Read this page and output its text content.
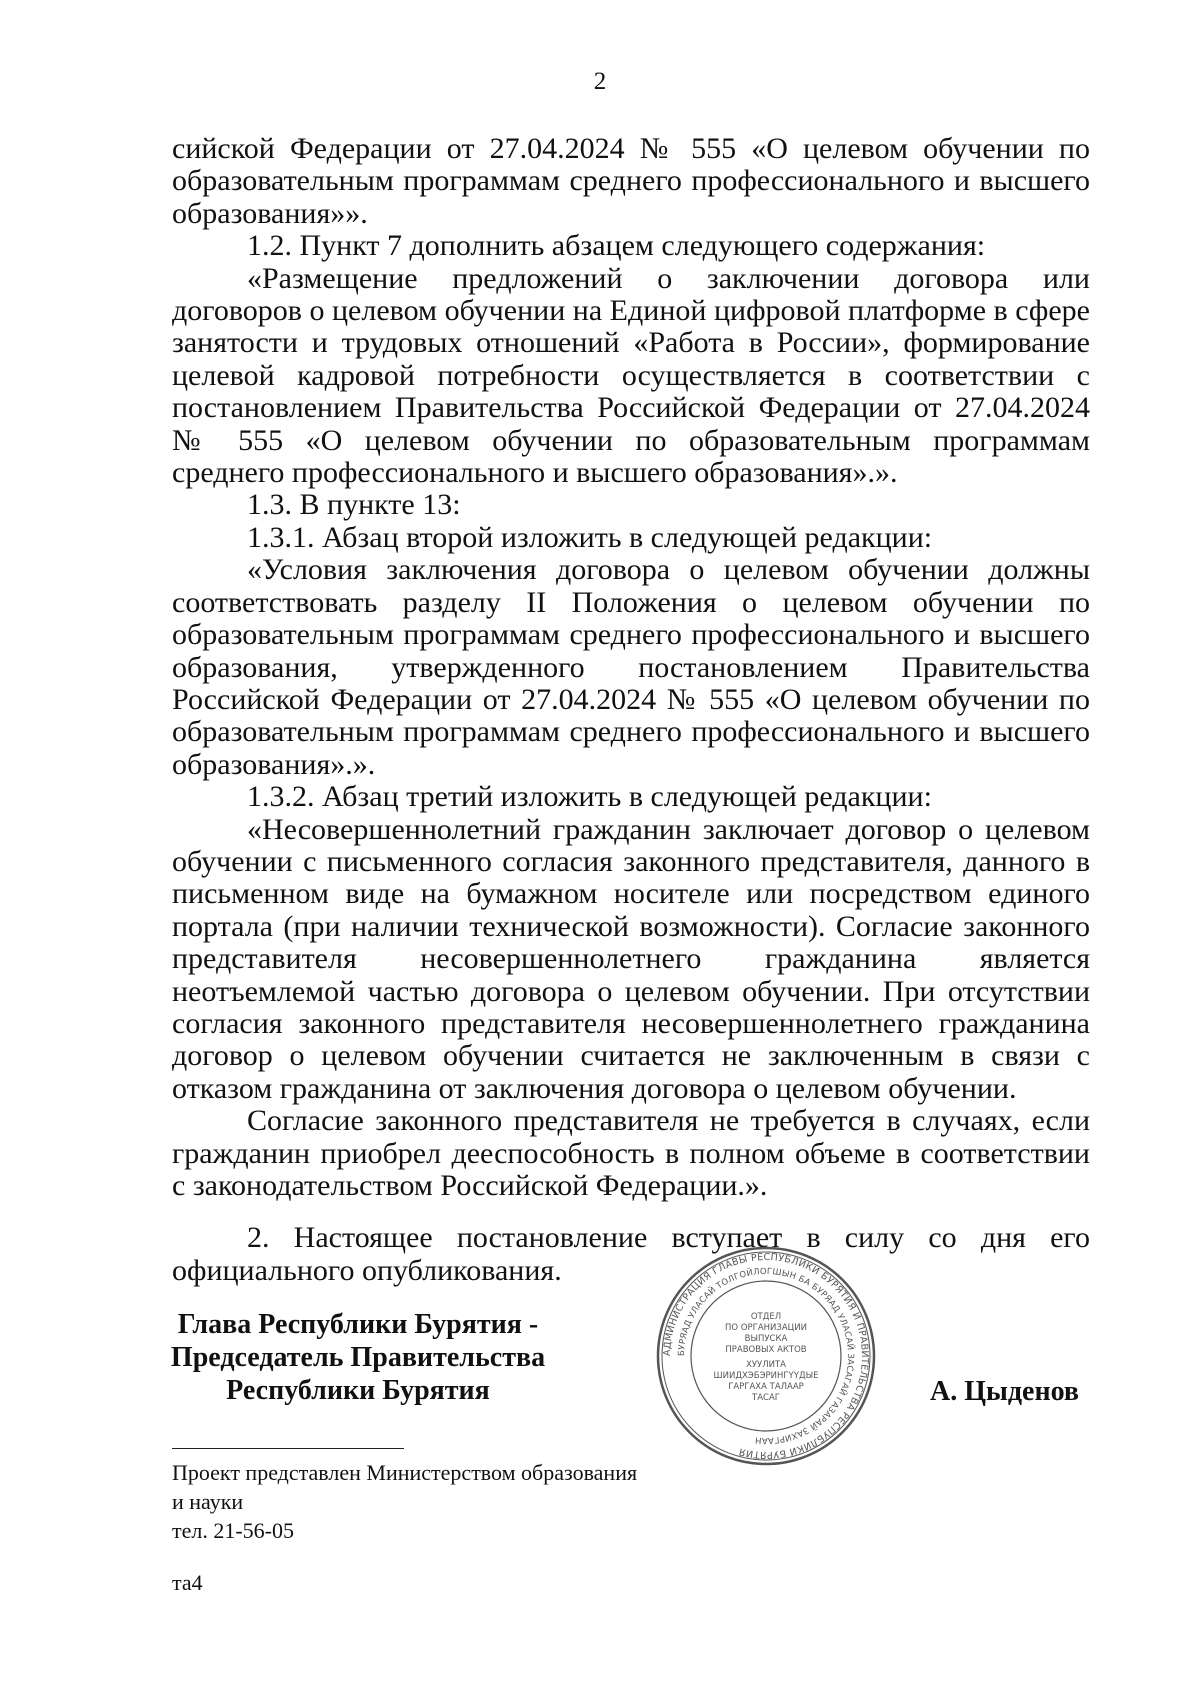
2

сийской Федерации от 27.04.2024 № 555 «О целевом обучении по образовательным программам среднего профессионального и высшего образования»».

1.2. Пункт 7 дополнить абзацем следующего содержания:

«Размещение предложений о заключении договора или договоров о целевом обучении на Единой цифровой платформе в сфере занятости и трудовых отношений «Работа в России», формирование целевой кадровой потребности осуществляется в соответствии с постановлением Правительства Российской Федерации от 27.04.2024 № 555 «О целевом обучении по образовательным программам среднего профессионального и высшего образования».».

1.3. В пункте 13:

1.3.1. Абзац второй изложить в следующей редакции:

«Условия заключения договора о целевом обучении должны соответствовать разделу II Положения о целевом обучении по образовательным программам среднего профессионального и высшего образования, утвержденного постановлением Правительства Российской Федерации от 27.04.2024 № 555 «О целевом обучении по образовательным программам среднего профессионального и высшего образования».».

1.3.2. Абзац третий изложить в следующей редакции:

«Несовершеннолетний гражданин заключает договор о целевом обучении с письменного согласия законного представителя, данного в письменном виде на бумажном носителе или посредством единого портала (при наличии технической возможности). Согласие законного представителя несовершеннолетнего гражданина является неотъемлемой частью договора о целевом обучении. При отсутствии согласия законного представителя несовершеннолетнего гражданина договор о целевом обучении считается не заключенным в связи с отказом гражданина от заключения договора о целевом обучении.

Согласие законного представителя не требуется в случаях, если гражданин приобрел дееспособность в полном объеме в соответствии с законодательством Российской Федерации.».

2. Настоящее постановление вступает в силу со дня его официального опубликования.

Глава Республики Бурятия -
Председатель Правительства
Республики Бурятия
АДМИНИСТРАЦИЯ ГЛАВЫ РЕСПУБЛИКИ БУРЯТИЯ И ПРАВИТЕЛЬСТВА РЕСПУБЛИКИ БУРЯТИЯ
БУРЯАД УЛАСАЙ ТОЛГОЙЛОГШЫН БА БУРЯАД УЛАСАЙ ЗАСАГАЙ ГАЗАРАЙ ЗАХИРГААН
ОТДЕЛ
ПО ОРГАНИЗАЦИИ
ВЫПУСКА
ПРАВОВЫХ АКТОВ
ХУУЛИТА
ШИИДХЭБЭРИНГҮҮДЫЕ
ГАРГАХА ТАЛААР
ТАСАГ	А. Цыденов
Проект представлен Министерством образования
и науки
тел. 21-56-05
та4
